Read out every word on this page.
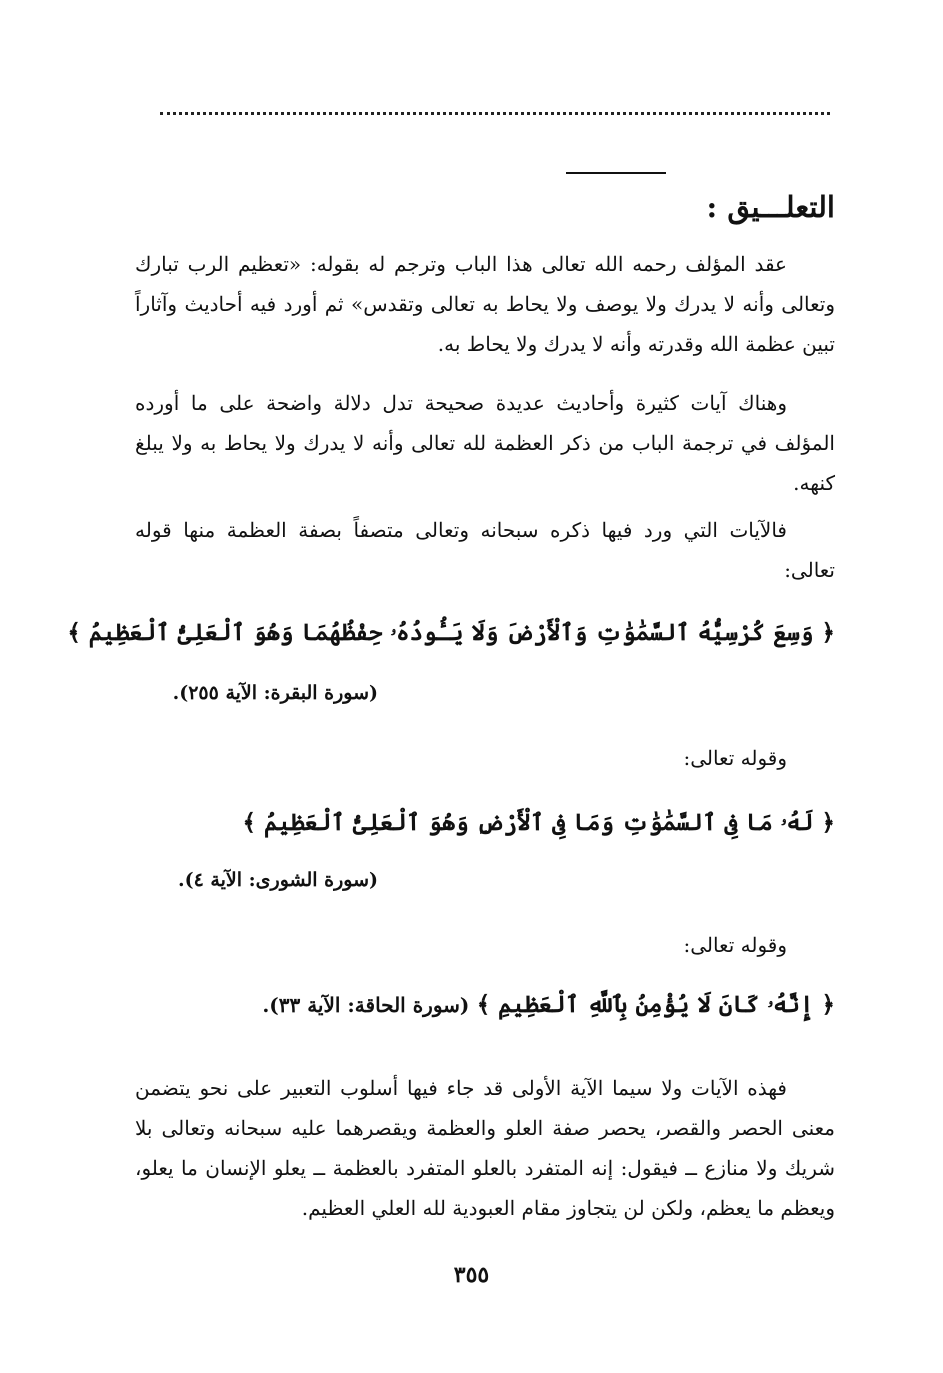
التعلـــيق :

عقد المؤلف رحمه الله تعالى هذا الباب وترجم له بقوله: «تعظيم الرب تبارك وتعالى وأنه لا يدرك ولا يوصف ولا يحاط به تعالى وتقدس» ثم أورد فيه أحاديث وآثاراً تبين عظمة الله وقدرته وأنه لا يدرك ولا يحاط به.

وهناك آيات كثيرة وأحاديث عديدة صحيحة تدل دلالة واضحة على ما أورده المؤلف في ترجمة الباب من ذكر العظمة لله تعالى وأنه لا يدرك ولا يحاط به ولا يبلغ كنهه.

فالآيات التي ورد فيها ذكره سبحانه وتعالى متصفاً بصفة العظمة منها قوله تعالى:

﴿ وَسِعَ كُرْسِيُّهُ ٱلسَّمَٰوَٰتِ وَٱلْأَرْضَ وَلَا يَـُٔودُهُۥ حِفْظُهُمَا وَهُوَ ٱلْعَلِىُّ ٱلْعَظِيمُ ﴾

(سورة البقرة: الآية ٢٥٥).

وقوله تعالى:

﴿ لَهُۥ مَا فِى ٱلسَّمَٰوَٰتِ وَمَا فِى ٱلْأَرْضِ وَهُوَ ٱلْعَلِىُّ ٱلْعَظِيمُ ﴾

(سورة الشورى: الآية ٤).

وقوله تعالى:

﴿ إِنَّهُۥ كَانَ لَا يُؤْمِنُ بِٱللَّهِ ٱلْعَظِيمِ ﴾ (سورة الحاقة: الآية ٣٣).

فهذه الآيات ولا سيما الآية الأولى قد جاء فيها أسلوب التعبير على نحو يتضمن معنى الحصر والقصر، يحصر صفة العلو والعظمة ويقصرهما عليه سبحانه وتعالى بلا شريك ولا منازع ــ فيقول: إنه المتفرد بالعلو المتفرد بالعظمة ــ يعلو الإنسان ما يعلو، ويعظم ما يعظم، ولكن لن يتجاوز مقام العبودية لله العلي العظيم.

٣٥٥
